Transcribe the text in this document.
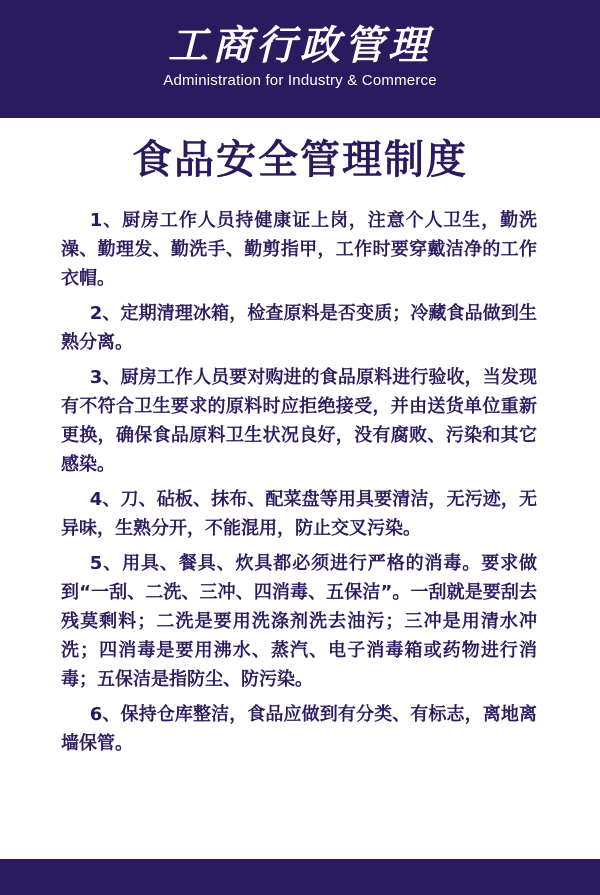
工商行政管理
Administration for Industry & Commerce
食品安全管理制度

1、厨房工作人员持健康证上岗，注意个人卫生，勤洗澡、勤理发、勤洗手、勤剪指甲，工作时要穿戴洁净的工作衣帽。

2、定期清理冰箱，检查原料是否变质；冷藏食品做到生熟分离。

3、厨房工作人员要对购进的食品原料进行验收，当发现有不符合卫生要求的原料时应拒绝接受，并由送货单位重新更换，确保食品原料卫生状况良好，没有腐败、污染和其它感染。

4、刀、砧板、抹布、配菜盘等用具要清洁，无污迹，无异味，生熟分开，不能混用，防止交叉污染。

5、用具、餐具、炊具都必须进行严格的消毒。要求做到“一刮、二洗、三冲、四消毒、五保洁”。一刮就是要刮去残莫剩料；二洗是要用洗涤剂洗去油污；三冲是用清水冲洗；四消毒是要用沸水、蒸汽、电子消毒箱或药物进行消毒；五保洁是指防尘、防污染。

6、保持仓库整洁，食品应做到有分类、有标志，离地离墙保管。
